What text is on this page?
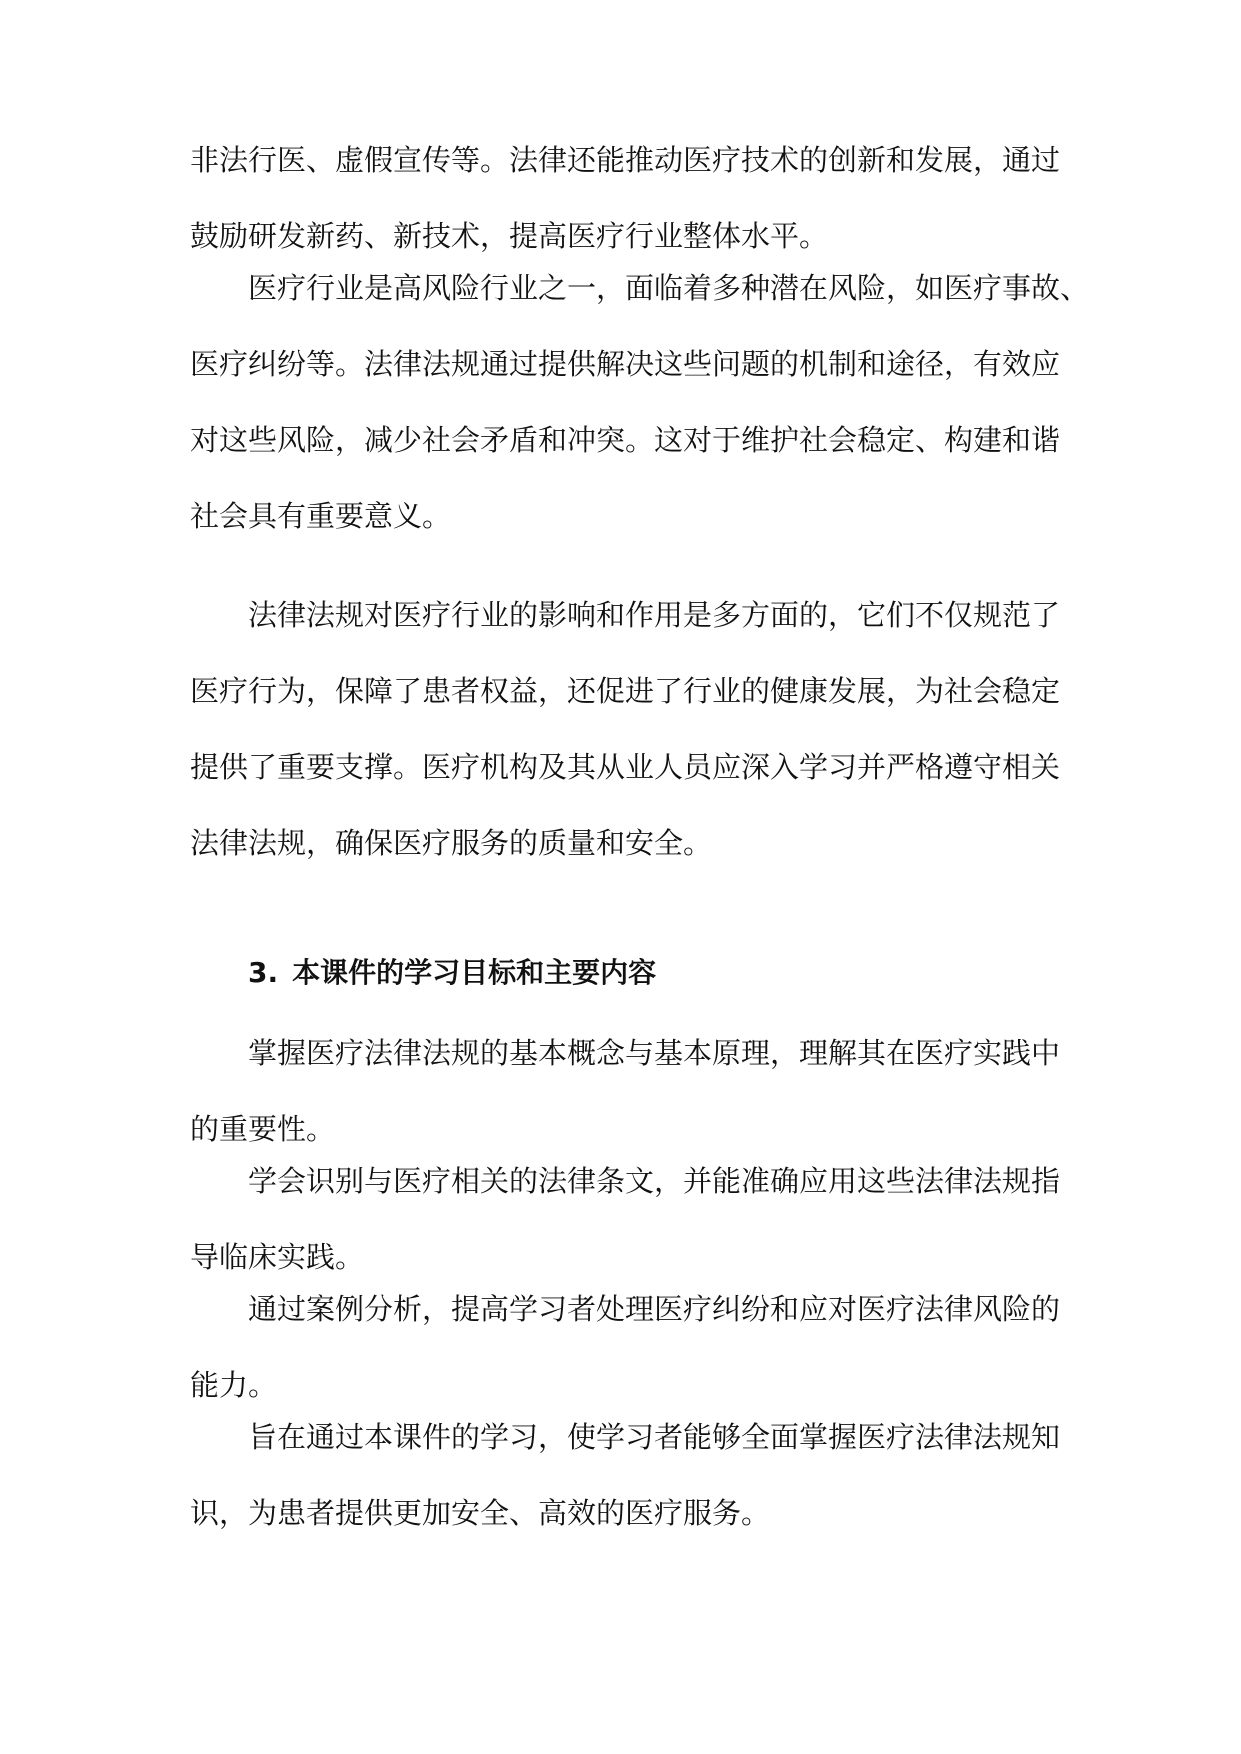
非法行医、虚假宣传等。法律还能推动医疗技术的创新和发展，通过

鼓励研发新药、新技术，提高医疗行业整体水平。

医疗行业是高风险行业之一，面临着多种潜在风险，如医疗事故、

医疗纠纷等。法律法规通过提供解决这些问题的机制和途径，有效应

对这些风险，减少社会矛盾和冲突。这对于维护社会稳定、构建和谐

社会具有重要意义。

法律法规对医疗行业的影响和作用是多方面的，它们不仅规范了

医疗行为，保障了患者权益，还促进了行业的健康发展，为社会稳定

提供了重要支撑。医疗机构及其从业人员应深入学习并严格遵守相关

法律法规，确保医疗服务的质量和安全。

3. 本课件的学习目标和主要内容

掌握医疗法律法规的基本概念与基本原理，理解其在医疗实践中

的重要性。

学会识别与医疗相关的法律条文，并能准确应用这些法律法规指

导临床实践。

通过案例分析，提高学习者处理医疗纠纷和应对医疗法律风险的

能力。

旨在通过本课件的学习，使学习者能够全面掌握医疗法律法规知

识，为患者提供更加安全、高效的医疗服务。
